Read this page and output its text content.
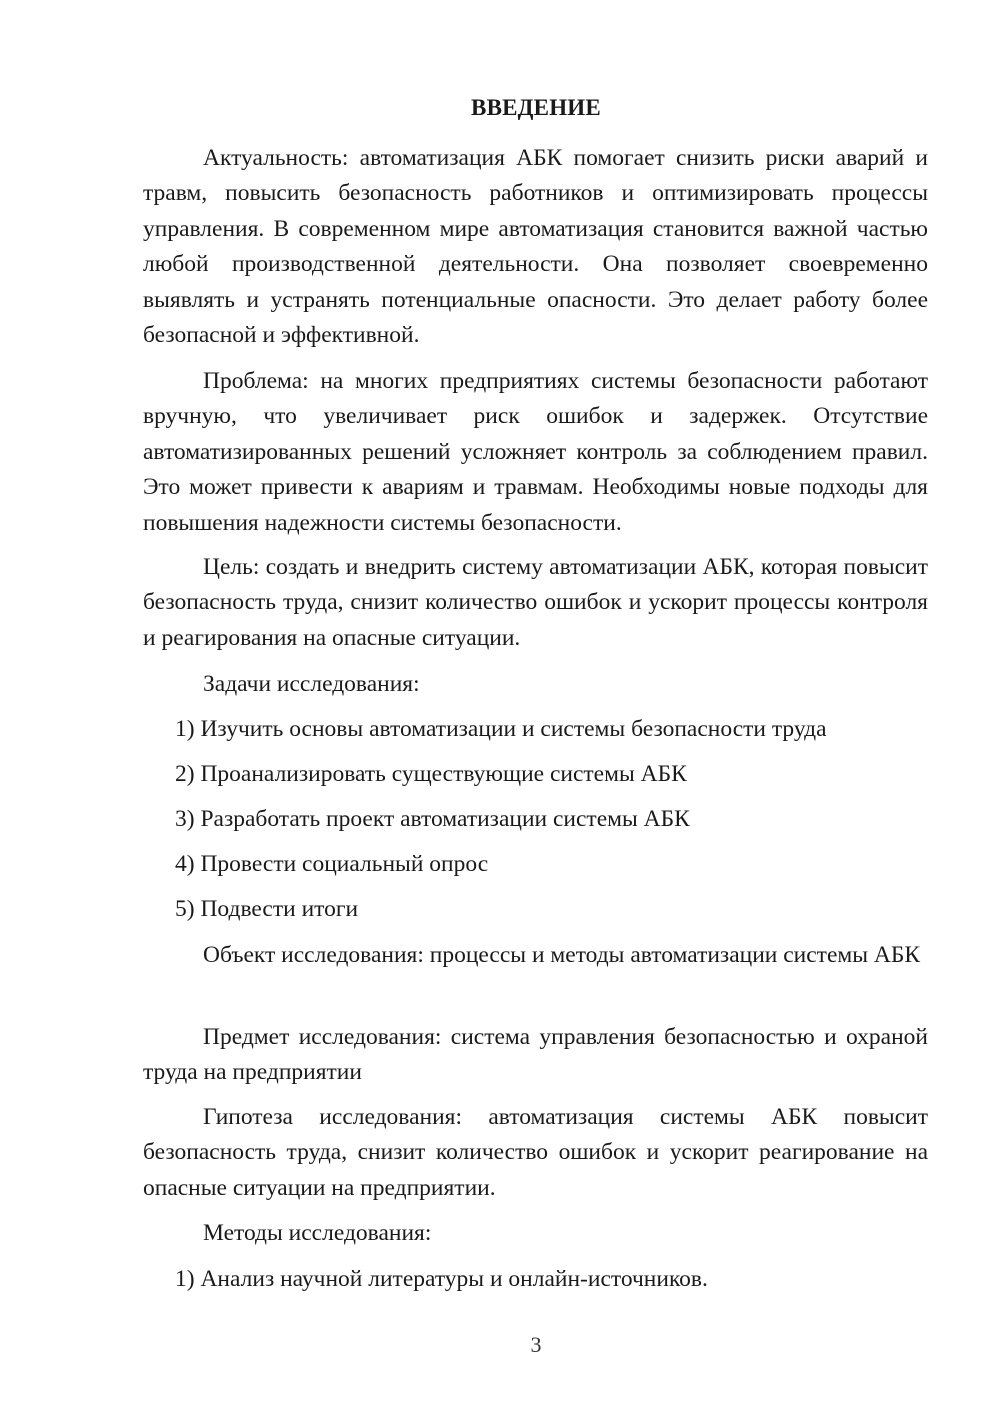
ВВЕДЕНИЕ

Актуальность: автоматизация АБК помогает снизить риски аварий и травм, повысить безопасность работников и оптимизировать процессы управления. В современном мире автоматизация становится важной частью любой производственной деятельности. Она позволяет своевременно выявлять и устранять потенциальные опасности. Это делает работу более безопасной и эффективной.

Проблема: на многих предприятиях системы безопасности работают вручную, что увеличивает риск ошибок и задержек. Отсутствие автоматизированных решений усложняет контроль за соблюдением правил. Это может привести к авариям и травмам. Необходимы новые подходы для повышения надежности системы безопасности.

Цель: создать и внедрить систему автоматизации АБК, которая повысит безопасность труда, снизит количество ошибок и ускорит процессы контроля и реагирования на опасные ситуации.

Задачи исследования:

1) Изучить основы автоматизации и системы безопасности труда

2) Проанализировать существующие системы АБК

3) Разработать проект автоматизации системы АБК

4) Провести социальный опрос

5) Подвести итоги

Объект исследования: процессы и методы автоматизации системы АБК

Предмет исследования: система управления безопасностью и охраной труда на предприятии

Гипотеза исследования: автоматизация системы АБК повысит безопасность труда, снизит количество ошибок и ускорит реагирование на опасные ситуации на предприятии.

Методы исследования:

1) Анализ научной литературы и онлайн-источников.

3
